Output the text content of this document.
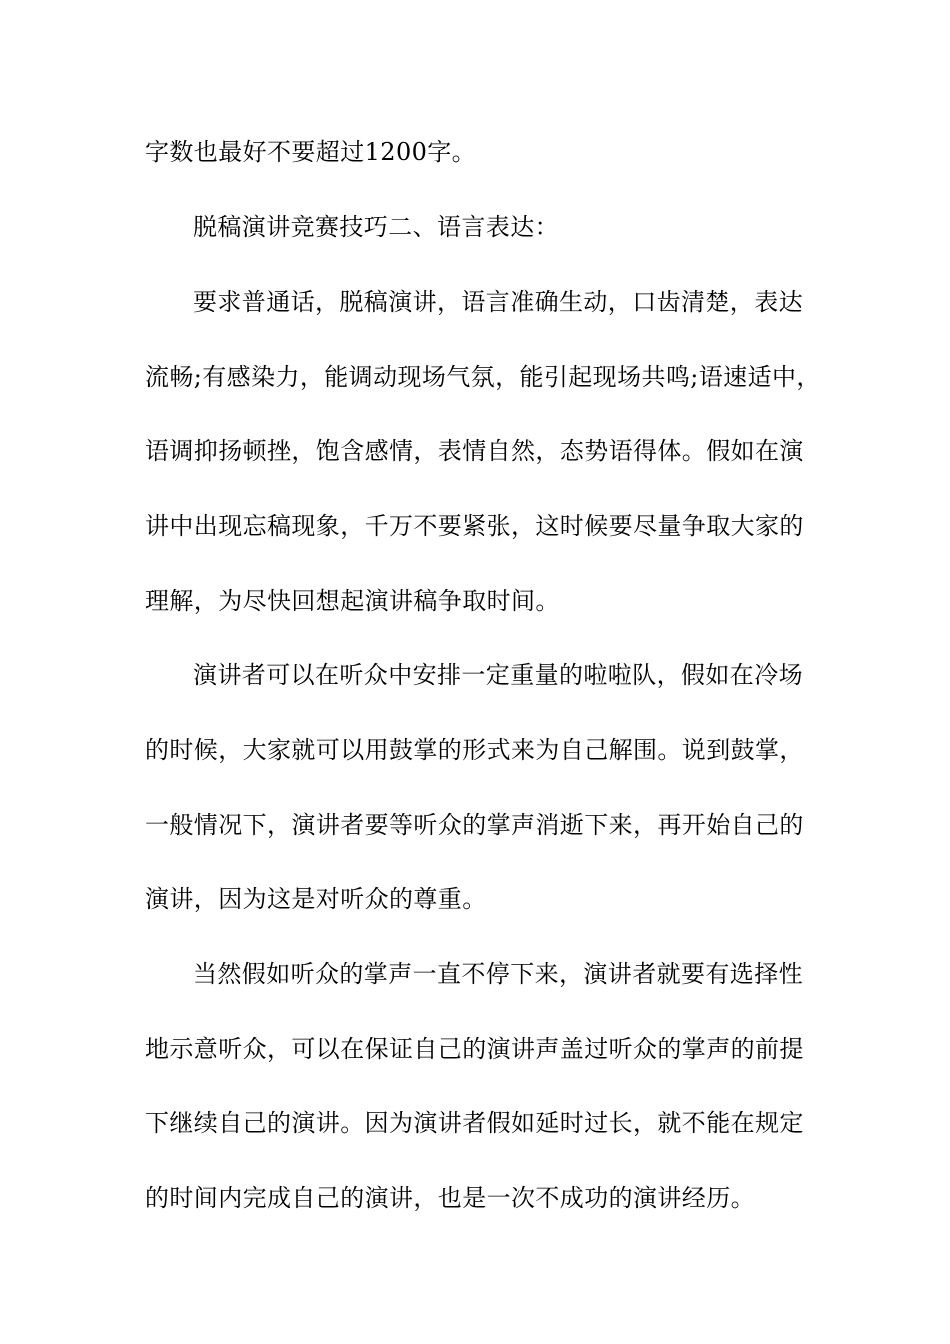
字数也最好不要超过1200字。
脱稿演讲竞赛技巧二、语言表达：
要求普通话，脱稿演讲，语言准确生动，口齿清楚，表达
流畅;有感染力，能调动现场气氛，能引起现场共鸣;语速适中，
语调抑扬顿挫，饱含感情，表情自然，态势语得体。假如在演
讲中出现忘稿现象，千万不要紧张，这时候要尽量争取大家的
理解，为尽快回想起演讲稿争取时间。
演讲者可以在听众中安排一定重量的啦啦队，假如在冷场
的时候，大家就可以用鼓掌的形式来为自己解围。说到鼓掌，
一般情况下，演讲者要等听众的掌声消逝下来，再开始自己的
演讲，因为这是对听众的尊重。
当然假如听众的掌声一直不停下来，演讲者就要有选择性
地示意听众，可以在保证自己的演讲声盖过听众的掌声的前提
下继续自己的演讲。因为演讲者假如延时过长，就不能在规定
的时间内完成自己的演讲，也是一次不成功的演讲经历。
